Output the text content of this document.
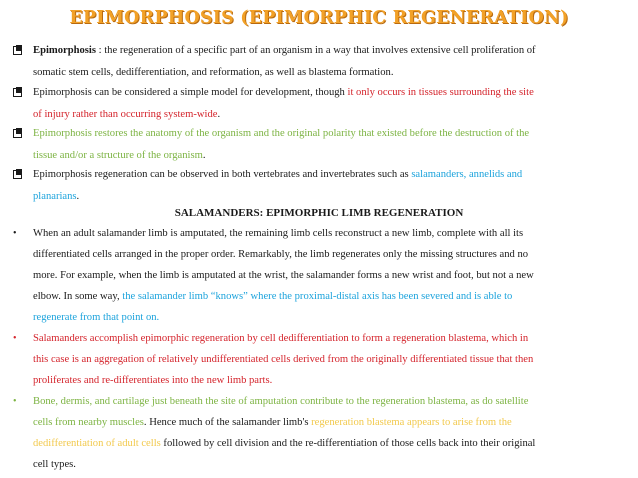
EPIMORPHOSIS (EPIMORPHIC REGENERATION)
Epimorphosis : the regeneration of a specific part of an organism in a way that involves extensive cell proliferation of
somatic stem cells, dedifferentiation, and reformation, as well as blastema formation.
Epimorphosis can be considered a simple model for development, though it only occurs in tissues surrounding the site
of injury rather than occurring system-wide.
Epimorphosis restores the anatomy of the organism and the original polarity that existed before the destruction of the
tissue and/or a structure of the organism.
Epimorphosis regeneration can be observed in both vertebrates and invertebrates such as salamanders, annelids and
planarians.
SALAMANDERS: EPIMORPHIC LIMB REGENERATION
• When an adult salamander limb is amputated, the remaining limb cells reconstruct a new limb, complete with all its
differentiated cells arranged in the proper order. Remarkably, the limb regenerates only the missing structures and no
more. For example, when the limb is amputated at the wrist, the salamander forms a new wrist and foot, but not a new
elbow. In some way, the salamander limb “knows” where the proximal-distal axis has been severed and is able to
regenerate from that point on.
• Salamanders accomplish epimorphic regeneration by cell dedifferentiation to form a regeneration blastema, which in
this case is an aggregation of relatively undifferentiated cells derived from the originally differentiated tissue that then
proliferates and re-differentiates into the new limb parts.
• Bone, dermis, and cartilage just beneath the site of amputation contribute to the regeneration blastema, as do satellite
cells from nearby muscles. Hence much of the salamander limb's regeneration blastema appears to arise from the
dedifferentiation of adult cells followed by cell division and the re-differentiation of those cells back into their original
cell types.
